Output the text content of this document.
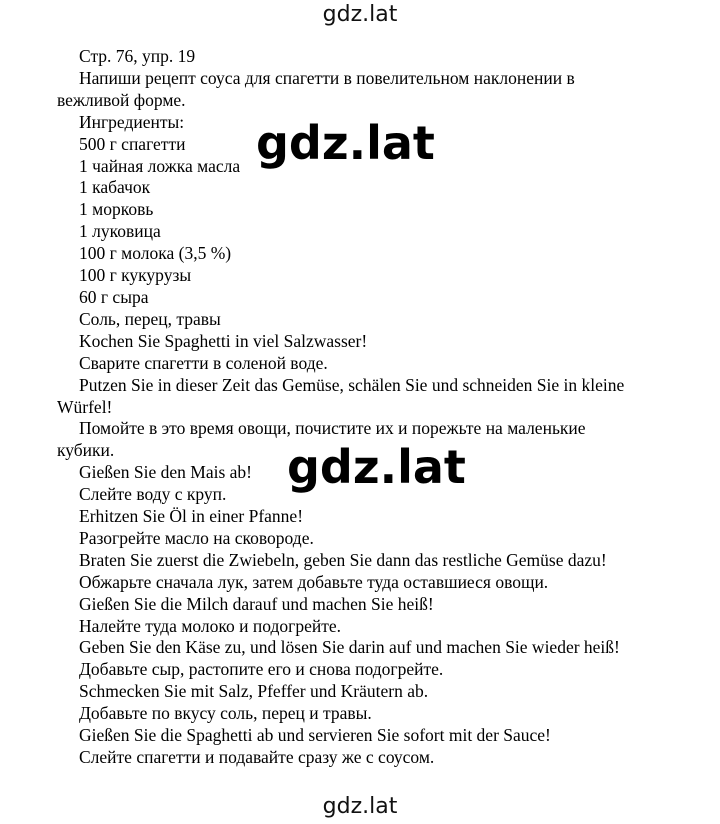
gdz.lat
Стр. 76, упр. 19
Напиши рецепт соуса для спагетти в повелительном наклонении в
вежливой форме.
Ингредиенты:
500 г спагетти
1 чайная ложка масла
1 кабачок
1 морковь
1 луковица
100 г молока (3,5 %)
100 г кукурузы
60 г сыра
Соль, перец, травы
Kochen Sie Spaghetti in viel Salzwasser!
Сварите спагетти в соленой воде.
Putzen Sie in dieser Zeit das Gemüse, schälen Sie und schneiden Sie in kleine
Würfel!
Помойте в это время овощи, почистите их и порежьте на маленькие
кубики.
Gießen Sie den Mais ab!
Слейте воду с круп.
Erhitzen Sie Öl in einer Pfanne!
Разогрейте масло на сковороде.
Braten Sie zuerst die Zwiebeln, geben Sie dann das restliche Gemüse dazu!
Обжарьте сначала лук, затем добавьте туда оставшиеся овощи.
Gießen Sie die Milch darauf und machen Sie heiß!
Налейте туда молоко и подогрейте.
Geben Sie den Käse zu, und lösen Sie darin auf und machen Sie wieder heiß!
Добавьте сыр, растопите его и снова подогрейте.
Schmecken Sie mit Salz, Pfeffer und Kräutern ab.
Добавьте по вкусу соль, перец и травы.
Gießen Sie die Spaghetti ab und servieren Sie sofort mit der Sauce!
Слейте спагетти и подавайте сразу же с соусом.
gdz.lat
gdz.lat
gdz.lat
